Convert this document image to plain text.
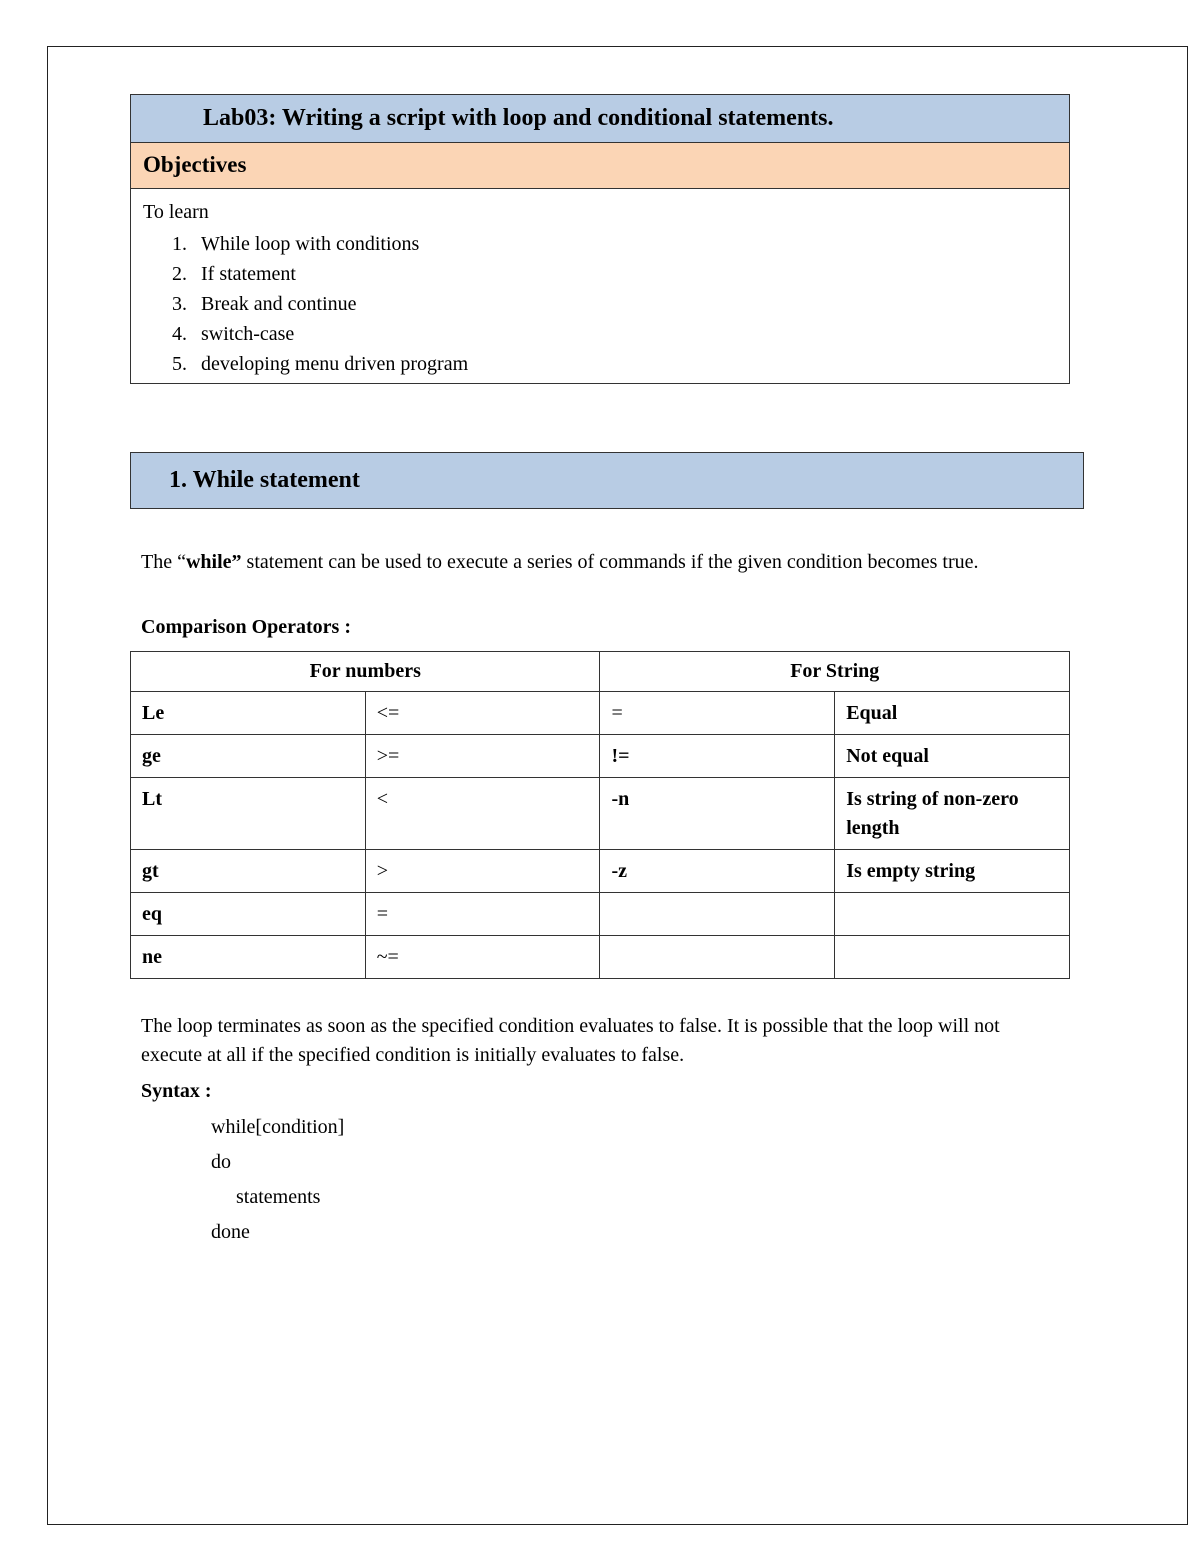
Lab03: Writing a script with loop and conditional statements.
Objectives

To learn

1. While loop with conditions
2. If statement
3. Break and continue
4. switch-case
5. developing menu driven program
1. While statement
The “while” statement can be used to execute a series of commands if the given condition becomes true.
Comparison Operators :
For numbers		For String	
Le	<=	=	Equal
ge	>=	!=	Not equal
Lt	<	-n	Is string of non-zero length
gt	>	-z	Is empty string
eq	=		
ne	~=		
The loop terminates as soon as the specified condition evaluates to false. It is possible that the loop will not execute at all if the specified condition is initially evaluates to false.
Syntax :
while[condition]
do
statements
done
